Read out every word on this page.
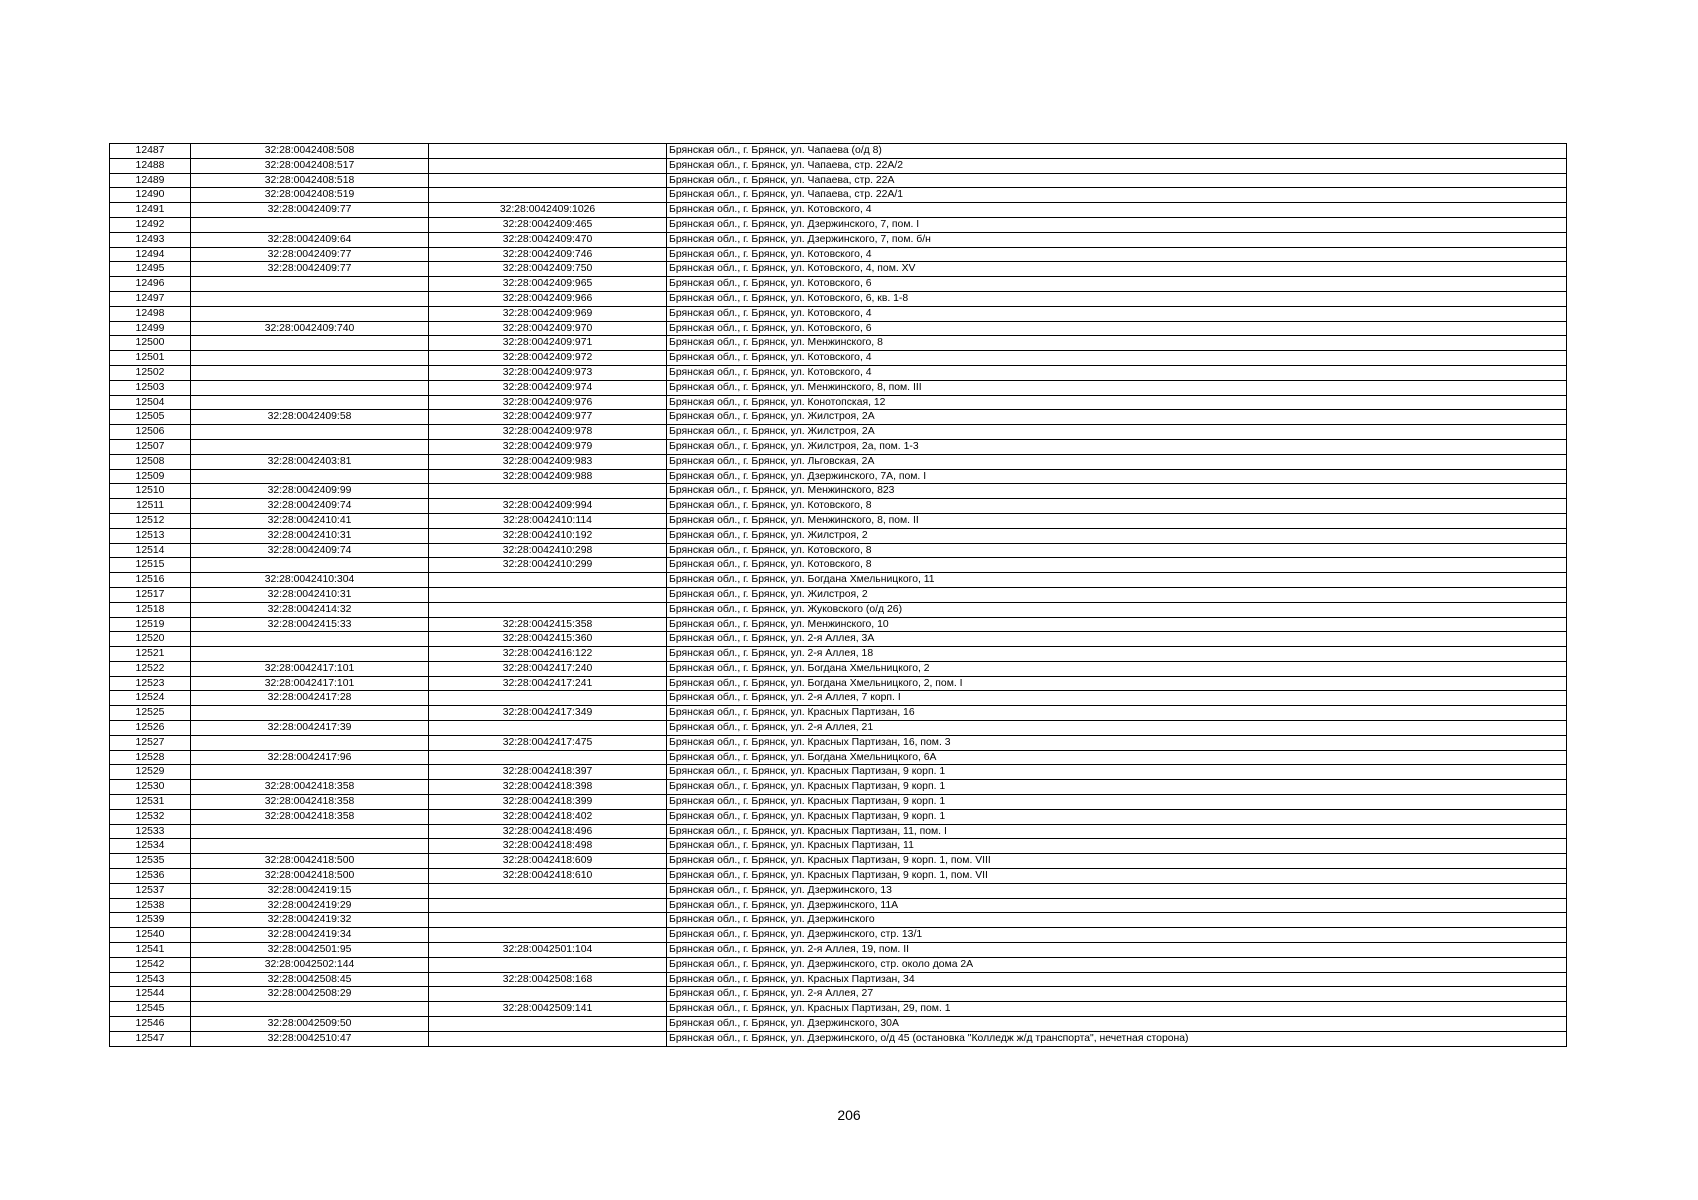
12487	32:28:0042408:508		Брянская обл., г. Брянск, ул. Чапаева (о/д 8)
12488	32:28:0042408:517		Брянская обл., г. Брянск, ул. Чапаева, стр. 22А/2
12489	32:28:0042408:518		Брянская обл., г. Брянск, ул. Чапаева, стр. 22А
12490	32:28:0042408:519		Брянская обл., г. Брянск, ул. Чапаева, стр. 22А/1
12491	32:28:0042409:77	32:28:0042409:1026	Брянская обл., г. Брянск, ул. Котовского, 4
12492		32:28:0042409:465	Брянская обл., г. Брянск, ул. Дзержинского, 7, пом. I
12493	32:28:0042409:64	32:28:0042409:470	Брянская обл., г. Брянск, ул. Дзержинского, 7, пом. б/н
12494	32:28:0042409:77	32:28:0042409:746	Брянская обл., г. Брянск, ул. Котовского, 4
12495	32:28:0042409:77	32:28:0042409:750	Брянская обл., г. Брянск, ул. Котовского, 4, пом. XV
12496		32:28:0042409:965	Брянская обл., г. Брянск, ул. Котовского, 6
12497		32:28:0042409:966	Брянская обл., г. Брянск, ул. Котовского, 6, кв. 1-8
12498		32:28:0042409:969	Брянская обл., г. Брянск, ул. Котовского, 4
12499	32:28:0042409:740	32:28:0042409:970	Брянская обл., г. Брянск, ул. Котовского, 6
12500		32:28:0042409:971	Брянская обл., г. Брянск, ул. Менжинского, 8
12501		32:28:0042409:972	Брянская обл., г. Брянск, ул. Котовского, 4
12502		32:28:0042409:973	Брянская обл., г. Брянск, ул. Котовского, 4
12503		32:28:0042409:974	Брянская обл., г. Брянск, ул. Менжинского, 8, пом. III
12504		32:28:0042409:976	Брянская обл., г. Брянск, ул. Конотопская, 12
12505	32:28:0042409:58	32:28:0042409:977	Брянская обл., г. Брянск, ул. Жилстроя, 2А
12506		32:28:0042409:978	Брянская обл., г. Брянск, ул. Жилстроя, 2А
12507		32:28:0042409:979	Брянская обл., г. Брянск, ул. Жилстроя, 2а, пом. 1-3
12508	32:28:0042403:81	32:28:0042409:983	Брянская обл., г. Брянск, ул. Льговская, 2А
12509		32:28:0042409:988	Брянская обл., г. Брянск, ул. Дзержинского, 7А, пом. I
12510	32:28:0042409:99		Брянская обл., г. Брянск, ул. Менжинского, 823
12511	32:28:0042409:74	32:28:0042409:994	Брянская обл., г. Брянск, ул. Котовского, 8
12512	32:28:0042410:41	32:28:0042410:114	Брянская обл., г. Брянск, ул. Менжинского, 8, пом. II
12513	32:28:0042410:31	32:28:0042410:192	Брянская обл., г. Брянск, ул. Жилстроя, 2
12514	32:28:0042409:74	32:28:0042410:298	Брянская обл., г. Брянск, ул. Котовского, 8
12515		32:28:0042410:299	Брянская обл., г. Брянск, ул. Котовского, 8
12516	32:28:0042410:304		Брянская обл., г. Брянск, ул. Богдана Хмельницкого, 11
12517	32:28:0042410:31		Брянская обл., г. Брянск, ул. Жилстроя, 2
12518	32:28:0042414:32		Брянская обл., г. Брянск, ул. Жуковского (о/д 26)
12519	32:28:0042415:33	32:28:0042415:358	Брянская обл., г. Брянск, ул. Менжинского, 10
12520		32:28:0042415:360	Брянская обл., г. Брянск, ул. 2-я Аллея, 3А
12521		32:28:0042416:122	Брянская обл., г. Брянск, ул. 2-я Аллея, 18
12522	32:28:0042417:101	32:28:0042417:240	Брянская обл., г. Брянск, ул. Богдана Хмельницкого, 2
12523	32:28:0042417:101	32:28:0042417:241	Брянская обл., г. Брянск, ул. Богдана Хмельницкого, 2, пом. I
12524	32:28:0042417:28		Брянская обл., г. Брянск, ул. 2-я Аллея, 7 корп. I
12525		32:28:0042417:349	Брянская обл., г. Брянск, ул. Красных Партизан, 16
12526	32:28:0042417:39		Брянская обл., г. Брянск, ул. 2-я Аллея, 21
12527		32:28:0042417:475	Брянская обл., г. Брянск, ул. Красных Партизан, 16, пом. 3
12528	32:28:0042417:96		Брянская обл., г. Брянск, ул. Богдана Хмельницкого, 6А
12529		32:28:0042418:397	Брянская обл., г. Брянск, ул. Красных Партизан, 9 корп. 1
12530	32:28:0042418:358	32:28:0042418:398	Брянская обл., г. Брянск, ул. Красных Партизан, 9 корп. 1
12531	32:28:0042418:358	32:28:0042418:399	Брянская обл., г. Брянск, ул. Красных Партизан, 9 корп. 1
12532	32:28:0042418:358	32:28:0042418:402	Брянская обл., г. Брянск, ул. Красных Партизан, 9 корп. 1
12533		32:28:0042418:496	Брянская обл., г. Брянск, ул. Красных Партизан, 11, пом. I
12534		32:28:0042418:498	Брянская обл., г. Брянск, ул. Красных Партизан, 11
12535	32:28:0042418:500	32:28:0042418:609	Брянская обл., г. Брянск, ул. Красных Партизан, 9 корп. 1, пом. VIII
12536	32:28:0042418:500	32:28:0042418:610	Брянская обл., г. Брянск, ул. Красных Партизан, 9 корп. 1, пом. VII
12537	32:28:0042419:15		Брянская обл., г. Брянск, ул. Дзержинского, 13
12538	32:28:0042419:29		Брянская обл., г. Брянск, ул. Дзержинского, 11А
12539	32:28:0042419:32		Брянская обл., г. Брянск, ул. Дзержинского
12540	32:28:0042419:34		Брянская обл., г. Брянск, ул. Дзержинского, стр. 13/1
12541	32:28:0042501:95	32:28:0042501:104	Брянская обл., г. Брянск, ул. 2-я Аллея, 19, пом. II
12542	32:28:0042502:144		Брянская обл., г. Брянск, ул. Дзержинского, стр. около дома 2А
12543	32:28:0042508:45	32:28:0042508:168	Брянская обл., г. Брянск, ул. Красных Партизан, 34
12544	32:28:0042508:29		Брянская обл., г. Брянск, ул. 2-я Аллея, 27
12545		32:28:0042509:141	Брянская обл., г. Брянск, ул. Красных Партизан, 29, пом. 1
12546	32:28:0042509:50		Брянская обл., г. Брянск, ул. Дзержинского, 30А
12547	32:28:0042510:47		Брянская обл., г. Брянск, ул. Дзержинского, о/д 45 (остановка "Колледж ж/д транспорта", нечетная сторона)
206
